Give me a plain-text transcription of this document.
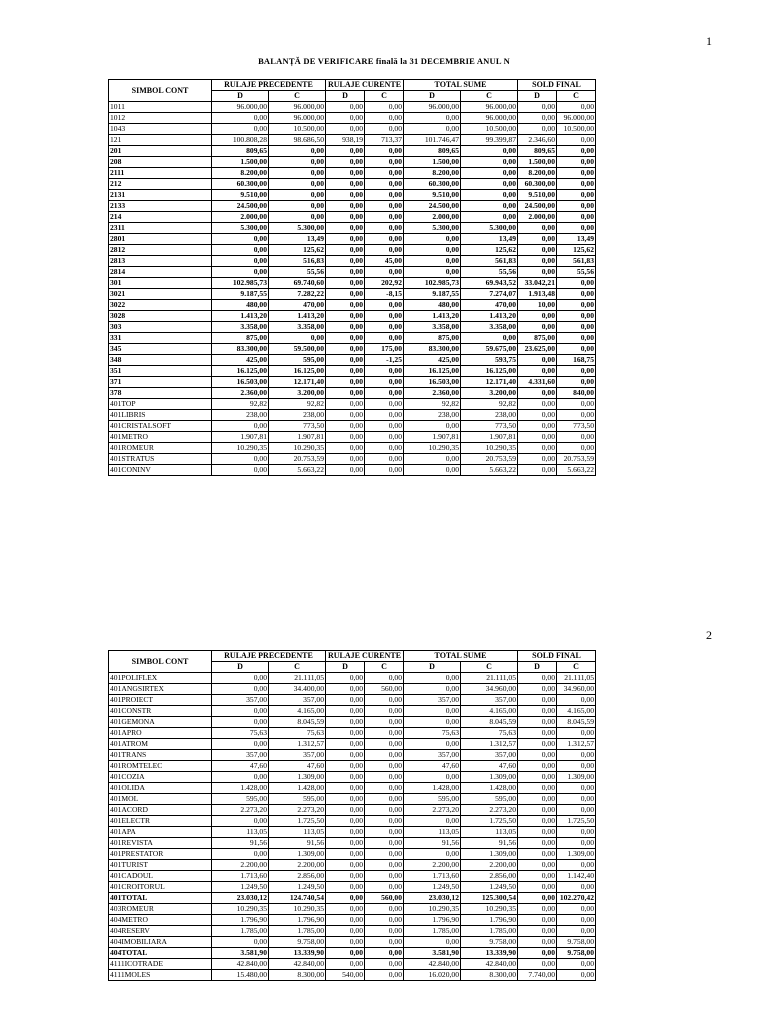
1
BALANȚĂ DE VERIFICARE finală la 31 DECEMBRIE ANUL N
SIMBOL CONT	RULAJE PRECEDENTE		RULAJE CURENTE		TOTAL SUME		SOLD FINAL	
	D	C	D	C	D	C	D	C
1011	96.000,00	96.000,00	0,00	0,00	96.000,00	96.000,00	0,00	0,00
1012	0,00	96.000,00	0,00	0,00	0,00	96.000,00	0,00	96.000,00
1043	0,00	10.500,00	0,00	0,00	0,00	10.500,00	0,00	10.500,00
121	100.808,28	98.686,50	938,19	713,37	101.746,47	99.399,87	2.346,60	0,00
201	809,65	0,00	0,00	0,00	809,65	0,00	809,65	0,00
208	1.500,00	0,00	0,00	0,00	1.500,00	0,00	1.500,00	0,00
2111	8.200,00	0,00	0,00	0,00	8.200,00	0,00	8.200,00	0,00
212	60.300,00	0,00	0,00	0,00	60.300,00	0,00	60.300,00	0,00
2131	9.510,00	0,00	0,00	0,00	9.510,00	0,00	9.510,00	0,00
2133	24.500,00	0,00	0,00	0,00	24.500,00	0,00	24.500,00	0,00
214	2.000,00	0,00	0,00	0,00	2.000,00	0,00	2.000,00	0,00
2311	5.300,00	5.300,00	0,00	0,00	5.300,00	5.300,00	0,00	0,00
2801	0,00	13,49	0,00	0,00	0,00	13,49	0,00	13,49
2812	0,00	125,62	0,00	0,00	0,00	125,62	0,00	125,62
2813	0,00	516,83	0,00	45,00	0,00	561,83	0,00	561,83
2814	0,00	55,56	0,00	0,00	0,00	55,56	0,00	55,56
301	102.985,73	69.740,60	0,00	202,92	102.985,73	69.943,52	33.042,21	0,00
3021	9.187,55	7.282,22	0,00	-8,15	9.187,55	7.274,07	1.913,48	0,00
3022	480,00	470,00	0,00	0,00	480,00	470,00	10,00	0,00
3028	1.413,20	1.413,20	0,00	0,00	1.413,20	1.413,20	0,00	0,00
303	3.358,00	3.358,00	0,00	0,00	3.358,00	3.358,00	0,00	0,00
331	875,00	0,00	0,00	0,00	875,00	0,00	875,00	0,00
345	83.300,00	59.500,00	0,00	175,00	83.300,00	59.675,00	23.625,00	0,00
348	425,00	595,00	0,00	-1,25	425,00	593,75	0,00	168,75
351	16.125,00	16.125,00	0,00	0,00	16.125,00	16.125,00	0,00	0,00
371	16.503,00	12.171,40	0,00	0,00	16.503,00	12.171,40	4.331,60	0,00
378	2.360,00	3.200,00	0,00	0,00	2.360,00	3.200,00	0,00	840,00
401TOP	92,82	92,82	0,00	0,00	92,82	92,82	0,00	0,00
401LIBRIS	238,00	238,00	0,00	0,00	238,00	238,00	0,00	0,00
401CRISTALSOFT	0,00	773,50	0,00	0,00	0,00	773,50	0,00	773,50
401METRO	1.907,81	1.907,81	0,00	0,00	1.907,81	1.907,81	0,00	0,00
401ROMEUR	10.290,35	10.290,35	0,00	0,00	10.290,35	10.290,35	0,00	0,00
401STRATUS	0,00	20.753,59	0,00	0,00	0,00	20.753,59	0,00	20.753,59
401CONINV	0,00	5.663,22	0,00	0,00	0,00	5.663,22	0,00	5.663,22
2
SIMBOL CONT	RULAJE PRECEDENTE		RULAJE CURENTE		TOTAL SUME		SOLD FINAL	
	D	C	D	C	D	C	D	C
401POLIFLEX	0,00	21.111,05	0,00	0,00	0,00	21.111,05	0,00	21.111,05
401ANGSIRTEX	0,00	34.400,00	0,00	560,00	0,00	34.960,00	0,00	34.960,00
401PROIECT	357,00	357,00	0,00	0,00	357,00	357,00	0,00	0,00
401CONSTR	0,00	4.165,00	0,00	0,00	0,00	4.165,00	0,00	4.165,00
401GEMONA	0,00	8.045,59	0,00	0,00	0,00	8.045,59	0,00	8.045,59
401APRO	75,63	75,63	0,00	0,00	75,63	75,63	0,00	0,00
401ATROM	0,00	1.312,57	0,00	0,00	0,00	1.312,57	0,00	1.312,57
401TRANS	357,00	357,00	0,00	0,00	357,00	357,00	0,00	0,00
401ROMTELEC	47,60	47,60	0,00	0,00	47,60	47,60	0,00	0,00
401COZIA	0,00	1.309,00	0,00	0,00	0,00	1.309,00	0,00	1.309,00
401OLIDA	1.428,00	1.428,00	0,00	0,00	1.428,00	1.428,00	0,00	0,00
401MOL	595,00	595,00	0,00	0,00	595,00	595,00	0,00	0,00
401ACORD	2.273,20	2.273,20	0,00	0,00	2.273,20	2.273,20	0,00	0,00
401ELECTR	0,00	1.725,50	0,00	0,00	0,00	1.725,50	0,00	1.725,50
401APA	113,05	113,05	0,00	0,00	113,05	113,05	0,00	0,00
401REVISTA	91,56	91,56	0,00	0,00	91,56	91,56	0,00	0,00
401PRESTATOR	0,00	1.309,00	0,00	0,00	0,00	1.309,00	0,00	1.309,00
401TURIST	2.200,00	2.200,00	0,00	0,00	2.200,00	2.200,00	0,00	0,00
401CADOUL	1.713,60	2.856,00	0,00	0,00	1.713,60	2.856,00	0,00	1.142,40
401CROITORUL	1.249,50	1.249,50	0,00	0,00	1.249,50	1.249,50	0,00	0,00
401TOTAL	23.030,12	124.740,54	0,00	560,00	23.030,12	125.300,54	0,00	102.270,42
403ROMEUR	10.290,35	10.290,35	0,00	0,00	10.290,35	10.290,35	0,00	0,00
404METRO	1.796,90	1.796,90	0,00	0,00	1.796,90	1.796,90	0,00	0,00
404RESERV	1.785,00	1.785,00	0,00	0,00	1.785,00	1.785,00	0,00	0,00
404IMOBILIARA	0,00	9.758,00	0,00	0,00	0,00	9.758,00	0,00	9.758,00
404TOTAL	3.581,90	13.339,90	0,00	0,00	3.581,90	13.339,90	0,00	9.758,00
4111ICOTRADE	42.840,00	42.840,00	0,00	0,00	42.840,00	42.840,00	0,00	0,00
4111MOLES	15.480,00	8.300,00	540,00	0,00	16.020,00	8.300,00	7.740,00	0,00
